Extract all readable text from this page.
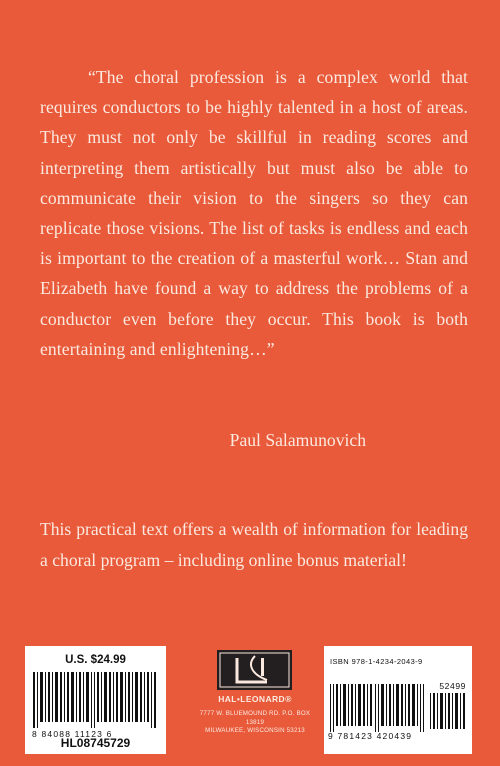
“The choral profession is a complex world that requires conductors to be highly talented in a host of areas. They must not only be skillful in reading scores and interpreting them artistically but must also be able to communicate their vision to the singers so they can replicate those visions. The list of tasks is endless and each is important to the creation of a masterful work… Stan and Elizabeth have found a way to address the problems of a conductor even before they occur. This book is both entertaining and enlightening…”

Paul Salamunovich

This practical text offers a wealth of information for leading a choral program – including online bonus material!

U.S. $24.99
8 84088 11123 6
HL08745729
HAL•LEONARD®
7777 W. BLUEMOUND RD. P.O. BOX 13819
MILWAUKEE, WISCONSIN 53213
ISBN 978-1-4234-2043-9
52499
9 781423 420439
